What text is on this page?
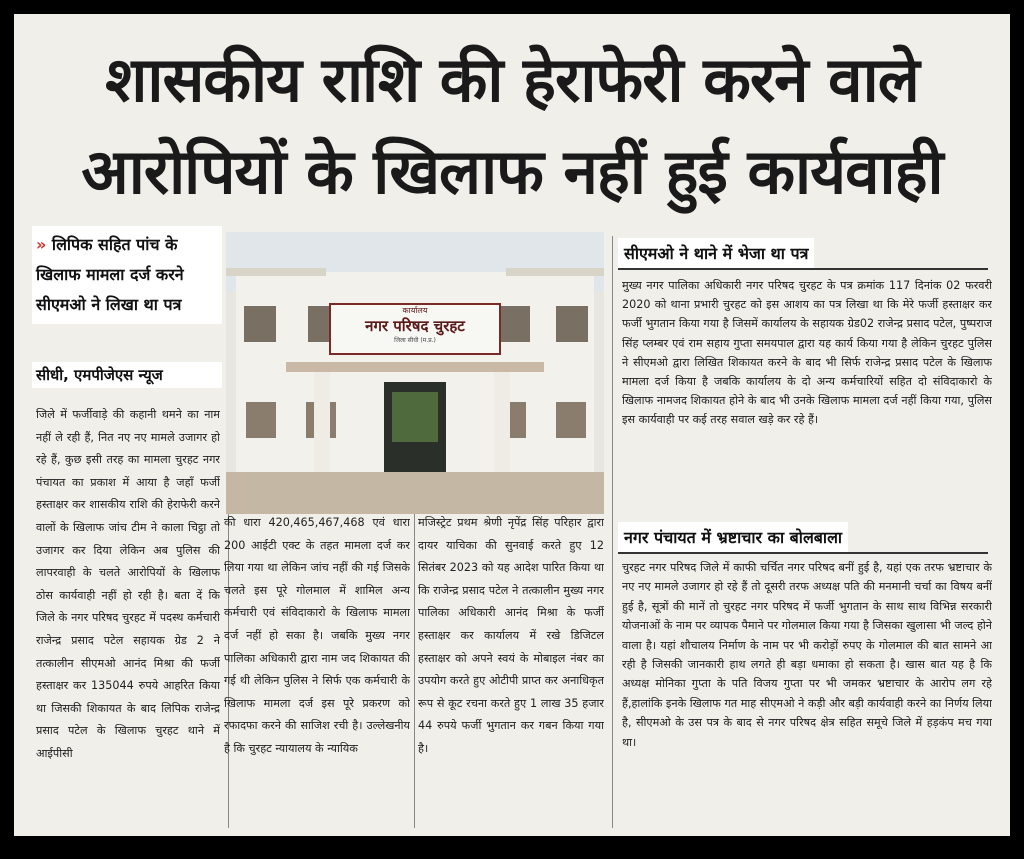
शासकीय राशि की हेराफेरी करने वाले
आरोपियों के खिलाफ नहीं हुई कार्यवाही
» लिपिक सहित पांच के खिलाफ मामला दर्ज करने सीएमओ ने लिखा था पत्र
सीधी, एमपीजेएस न्यूज
जिले में फर्जीवाड़े की कहानी थमने का नाम नहीं ले रही हैं, नित नए नए मामले उजागर हो रहे हैं, कुछ इसी तरह का मामला चुरहट नगर पंचायत का प्रकाश में आया है जहाँ फर्जी हस्ताक्षर कर शासकीय राशि की हेराफेरी करने वालों के खिलाफ जांच टीम ने काला चिट्ठा तो उजागर कर दिया लेकिन अब पुलिस की लापरवाही के चलते आरोपियों के खिलाफ ठोस कार्यवाही नहीं हो रही है। बता दें कि जिले के नगर परिषद चुरहट में पदस्थ कर्मचारी राजेन्द्र प्रसाद पटेल सहायक ग्रेड 2 ने तत्कालीन सीएमओ आनंद मिश्रा की फर्जी हस्ताक्षर कर 135044 रुपये आहरित किया था जिसकी शिकायत के बाद लिपिक राजेन्द्र प्रसाद पटेल के खिलाफ चुरहट थाने में आईपीसी
कार्यालय
नगर परिषद चुरहट
जिला सीधी (म.प्र.)
की धारा 420,465,467,468 एवं धारा 200 आईटी एक्ट के तहत मामला दर्ज कर लिया गया था लेकिन जांच नहीं की गई जिसके चलते इस पूरे गोलमाल में शामिल अन्य कर्मचारी एवं संविदाकारो के खिलाफ मामला दर्ज नहीं हो सका है। जबकि मुख्य नगर पालिका अधिकारी द्वारा नाम जद शिकायत की गई थी लेकिन पुलिस ने सिर्फ एक कर्मचारी के खिलाफ मामला दर्ज इस पूरे प्रकरण को रफादफा करने की साजिश रची है। उल्लेखनीय है कि चुरहट न्यायालय के न्यायिक
मजिस्ट्रेट प्रथम श्रेणी नृपेंद्र सिंह परिहार द्वारा दायर याचिका की सुनवाई करते हुए 12 सितंबर 2023 को यह आदेश पारित किया था कि राजेन्द्र प्रसाद पटेल ने तत्कालीन मुख्य नगर पालिका अधिकारी आनंद मिश्रा के फर्जी हस्ताक्षर कर कार्यालय में रखे डिजिटल हस्ताक्षर को अपने स्वयं के मोबाइल नंबर का उपयोग करते हुए ओटीपी प्राप्त कर अनाधिकृत रूप से कूट रचना करते हुए 1 लाख 35 हजार 44 रुपये फर्जी भुगतान कर गबन किया गया है।
सीएमओ ने थाने में भेजा था पत्र
मुख्य नगर पालिका अधिकारी नगर परिषद चुरहट के पत्र क्रमांक 117 दिनांक 02 फरवरी 2020 को थाना प्रभारी चुरहट को इस आशय का पत्र लिखा था कि मेरे फर्जी हस्ताक्षर कर फर्जी भुगतान किया गया है जिसमें कार्यालय के सहायक ग्रेड02 राजेन्द्र प्रसाद पटेल, पुष्पराज सिंह प्लम्बर एवं राम सहाय गुप्ता समयपाल द्वारा यह कार्य किया गया है लेकिन चुरहट पुलिस ने सीएमओ द्वारा लिखित शिकायत करने के बाद भी सिर्फ राजेन्द्र प्रसाद पटेल के खिलाफ मामला दर्ज किया है जबकि कार्यालय के दो अन्य कर्मचारियों सहित दो संविदाकारो के खिलाफ नामजद शिकायत होने के बाद भी उनके खिलाफ मामला दर्ज नहीं किया गया, पुलिस इस कार्यवाही पर कई तरह सवाल खड़े कर रहे हैं।
नगर पंचायत में भ्रष्टाचार का बोलबाला
चुरहट नगर परिषद जिले में काफी चर्चित नगर परिषद बनीं हुई है, यहां एक तरफ भ्रष्टाचार के नए नए मामले उजागर हो रहे हैं तो दूसरी तरफ अध्यक्ष पति की मनमानी चर्चा का विषय बनीं हुई है, सूत्रों की मानें तो चुरहट नगर परिषद में फर्जी भुगतान के साथ साथ विभिन्न सरकारी योजनाओं के नाम पर व्यापक पैमाने पर गोलमाल किया गया है जिसका खुलासा भी जल्द होने वाला है। यहां शौचालय निर्माण के नाम पर भी करोड़ों रुपए के गोलमाल की बात सामने आ रही है जिसकी जानकारी हाथ लगते ही बड़ा धमाका हो सकता है। खास बात यह है कि अध्यक्ष मोनिका गुप्ता के पति विजय गुप्ता पर भी जमकर भ्रष्टाचार के आरोप लग रहे हैं,हालांकि इनके खिलाफ गत माह सीएमओ ने कड़ी और बड़ी कार्यवाही करने का निर्णय लिया है, सीएमओ के उस पत्र के बाद से नगर परिषद क्षेत्र सहित समूचे जिले में हड़कंप मच गया था।
